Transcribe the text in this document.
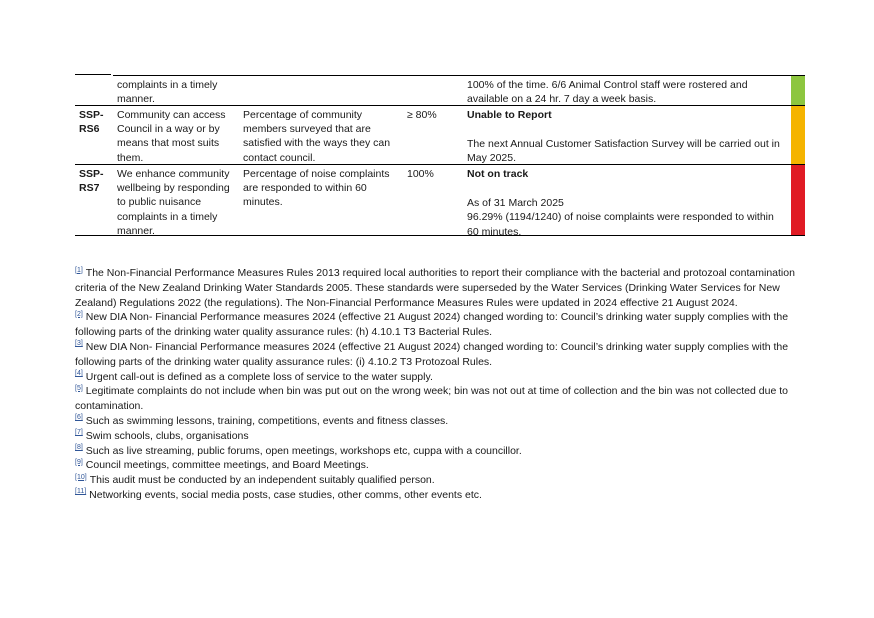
complaints in a timely manner.
100% of the time. 6/6 Animal Control staff were rostered and available on a 24 hr. 7 day a week basis.
SSP-RS6
Community can access Council in a way or by means that most suits them.
Percentage of community members surveyed that are satisfied with the ways they can contact council.
≥ 80%	Unable to Report
The next Annual Customer Satisfaction Survey will be carried out in May 2025.
SSP-RS7
We enhance community wellbeing by responding to public nuisance complaints in a timely manner.
Percentage of noise complaints are responded to within 60 minutes.
100%	Not on track
As of 31 March 2025
96.29% (1194/1240) of noise complaints were responded to within 60 minutes.

[1] The Non-Financial Performance Measures Rules 2013 required local authorities to report their compliance with the bacterial and protozoal contamination criteria of the New Zealand Drinking Water Standards 2005. These standards were superseded by the Water Services (Drinking Water Services for New Zealand) Regulations 2022 (the regulations). The Non-Financial Performance Measures Rules were updated in 2024 effective 21 August 2024.

[2] New DIA Non- Financial Performance measures 2024 (effective 21 August 2024) changed wording to: Council’s drinking water supply complies with the following parts of the drinking water quality assurance rules: (h) 4.10.1 T3 Bacterial Rules.

[3] New DIA Non- Financial Performance measures 2024 (effective 21 August 2024) changed wording to: Council’s drinking water supply complies with the following parts of the drinking water quality assurance rules: (i) 4.10.2 T3 Protozoal Rules.

[4] Urgent call-out is defined as a complete loss of service to the water supply.

[5] Legitimate complaints do not include when bin was put out on the wrong week; bin was not out at time of collection and the bin was not collected due to contamination.

[6] Such as swimming lessons, training, competitions, events and fitness classes.

[7] Swim schools, clubs, organisations

[8] Such as live streaming, public forums, open meetings, workshops etc, cuppa with a councillor.

[9] Council meetings, committee meetings, and Board Meetings.

[10] This audit must be conducted by an independent suitably qualified person.

[11] Networking events, social media posts, case studies, other comms, other events etc.
